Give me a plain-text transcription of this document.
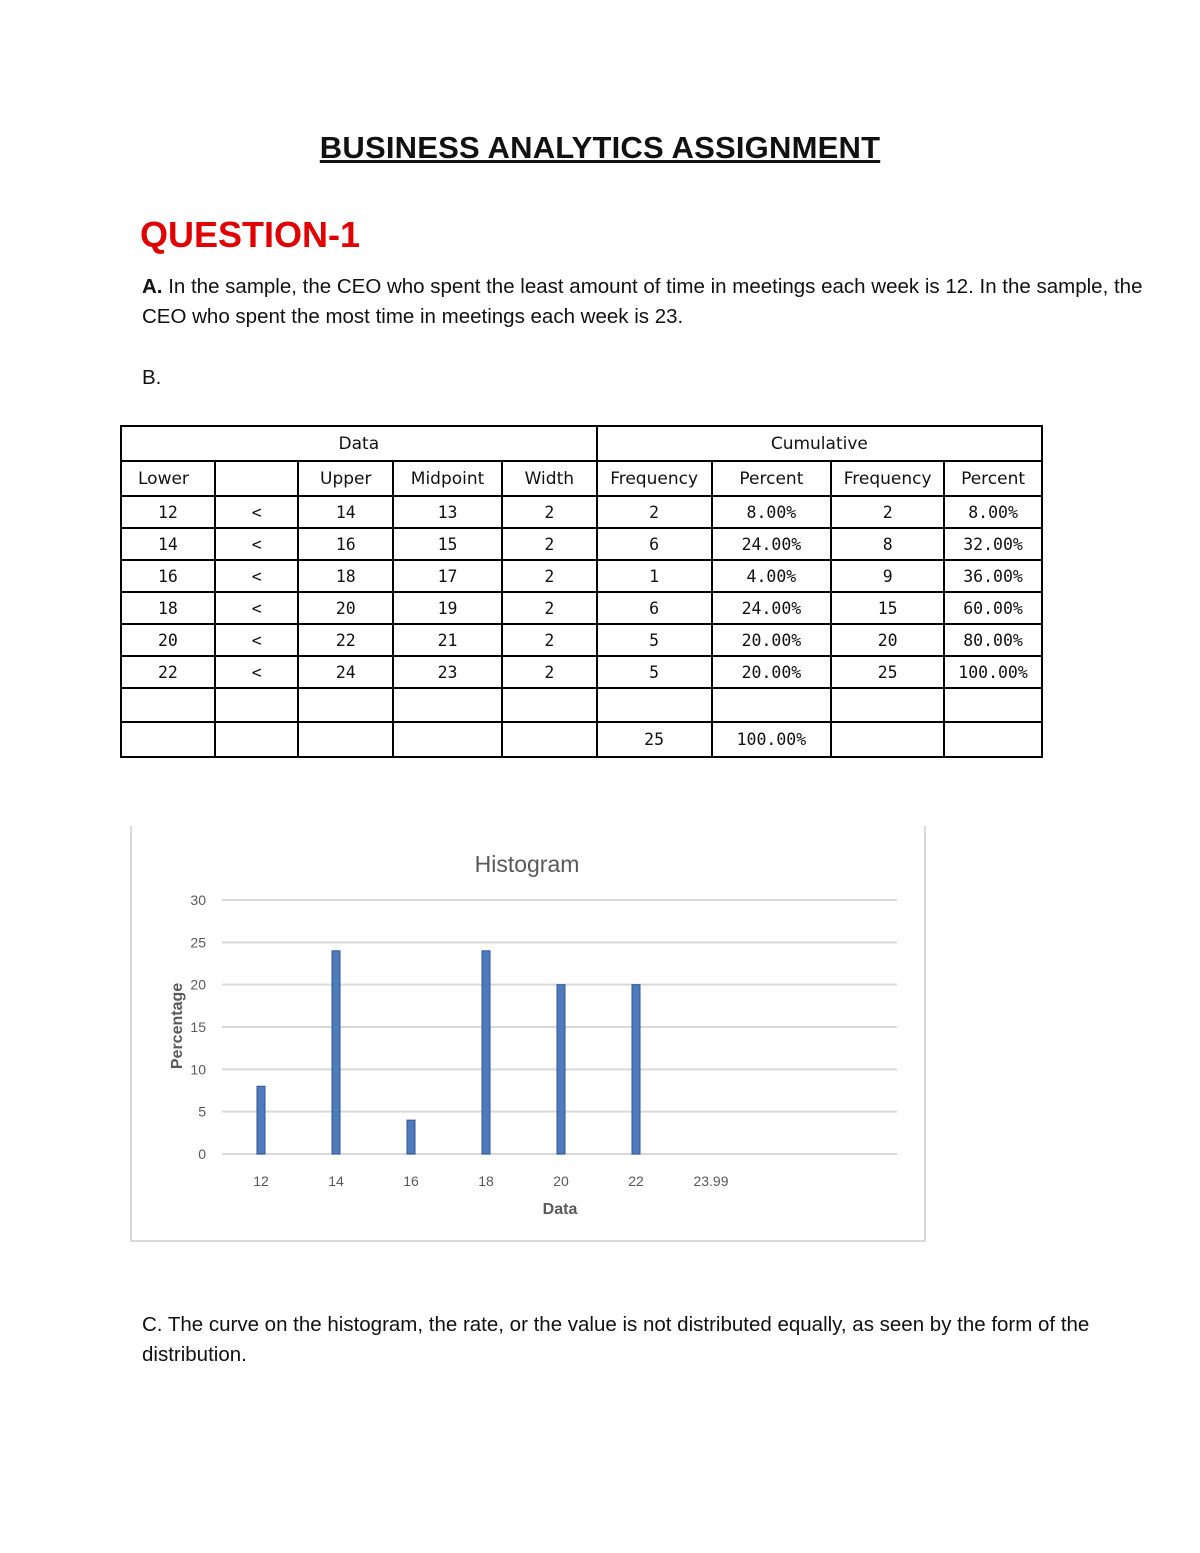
BUSINESS ANALYTICS ASSIGNMENT
QUESTION-1
A. In the sample, the CEO who spent the least amount of time in meetings each week is 12. In the sample, the CEO who spent the most time in meetings each week is 23.
B.
Data					Cumulative			
Lower		Upper	Midpoint	Width	Frequency	Percent	Frequency	Percent
12	<	14	13	2	2	8.00%	2	8.00%
14	<	16	15	2	6	24.00%	8	32.00%
16	<	18	17	2	1	4.00%	9	36.00%
18	<	20	19	2	6	24.00%	15	60.00%
20	<	22	21	2	5	20.00%	20	80.00%
22	<	24	23	2	5	20.00%	25	100.00%

					25	100.00%		
Histogram
0
5
10
15
20
25
30
12	14	16	18	20	22	23.99
Data
Percentage
C. The curve on the histogram, the rate, or the value is not distributed equally, as seen by the form of the distribution.
